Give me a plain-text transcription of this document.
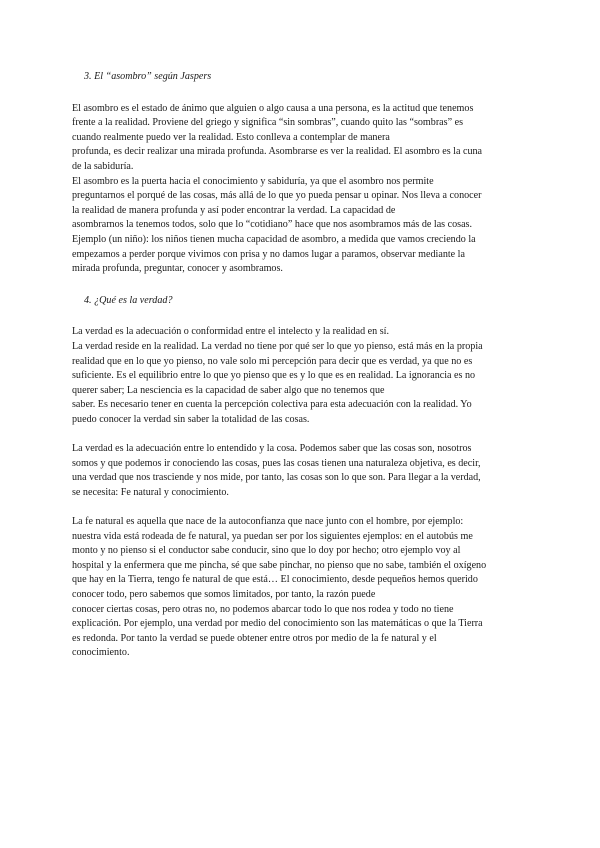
3. El “asombro” según Jaspers

El asombro es el estado de ánimo que alguien o algo causa a una persona, es la actitud que tenemos
frente a la realidad. Proviene del griego y significa “sin sombras”, cuando quito las “sombras” es
cuando realmente puedo ver la realidad. Esto conlleva a contemplar de manera
profunda, es decir realizar una mirada profunda. Asombrarse es ver la realidad. El asombro es la cuna
de la sabiduría.
El asombro es la puerta hacia el conocimiento y sabiduría, ya que el asombro nos permite
preguntarnos el porqué de las cosas, más allá de lo que yo pueda pensar u opinar. Nos lleva a conocer
la realidad de manera profunda y así poder encontrar la verdad. La capacidad de
asombrarnos la tenemos todos, solo que lo “cotidiano” hace que nos asombramos más de las cosas.
Ejemplo (un niño): los niños tienen mucha capacidad de asombro, a medida que vamos creciendo la
empezamos a perder porque vivimos con prisa y no damos lugar a paramos, observar mediante la
mirada profunda, preguntar, conocer y asombramos.

4. ¿Qué es la verdad?

La verdad es la adecuación o conformidad entre el intelecto y la realidad en sí.
La verdad reside en la realidad. La verdad no tiene por qué ser lo que yo pienso, está más en la propia
realidad que en lo que yo pienso, no vale solo mi percepción para decir que es verdad, ya que no es
suficiente. Es el equilibrio entre lo que yo pienso que es y lo que es en realidad. La ignorancia es no
querer saber; La nesciencia es la capacidad de saber algo que no tenemos que
saber. Es necesario tener en cuenta la percepción colectiva para esta adecuación con la realidad. Yo
puedo conocer la verdad sin saber la totalidad de las cosas.
La verdad es la adecuación entre lo entendido y la cosa. Podemos saber que las cosas son, nosotros
somos y que podemos ir conociendo las cosas, pues las cosas tienen una naturaleza objetiva, es decir,
una verdad que nos trasciende y nos mide, por tanto, las cosas son lo que son. Para llegar a la verdad,
se necesita: Fe natural y conocimiento.
La fe natural es aquella que nace de la autoconfianza que nace junto con el hombre, por ejemplo:
nuestra vida está rodeada de fe natural, ya puedan ser por los siguientes ejemplos: en el autobús me
monto y no pienso si el conductor sabe conducir, sino que lo doy por hecho; otro ejemplo voy al
hospital y la enfermera que me pincha, sé que sabe pinchar, no pienso que no sabe, también el oxígeno
que hay en la Tierra, tengo fe natural de que está… El conocimiento, desde pequeños hemos querido
conocer todo, pero sabemos que somos limitados, por tanto, la razón puede
conocer ciertas cosas, pero otras no, no podemos abarcar todo lo que nos rodea y todo no tiene
explicación. Por ejemplo, una verdad por medio del conocimiento son las matemáticas o que la Tierra
es redonda. Por tanto la verdad se puede obtener entre otros por medio de la fe natural y el
conocimiento.
